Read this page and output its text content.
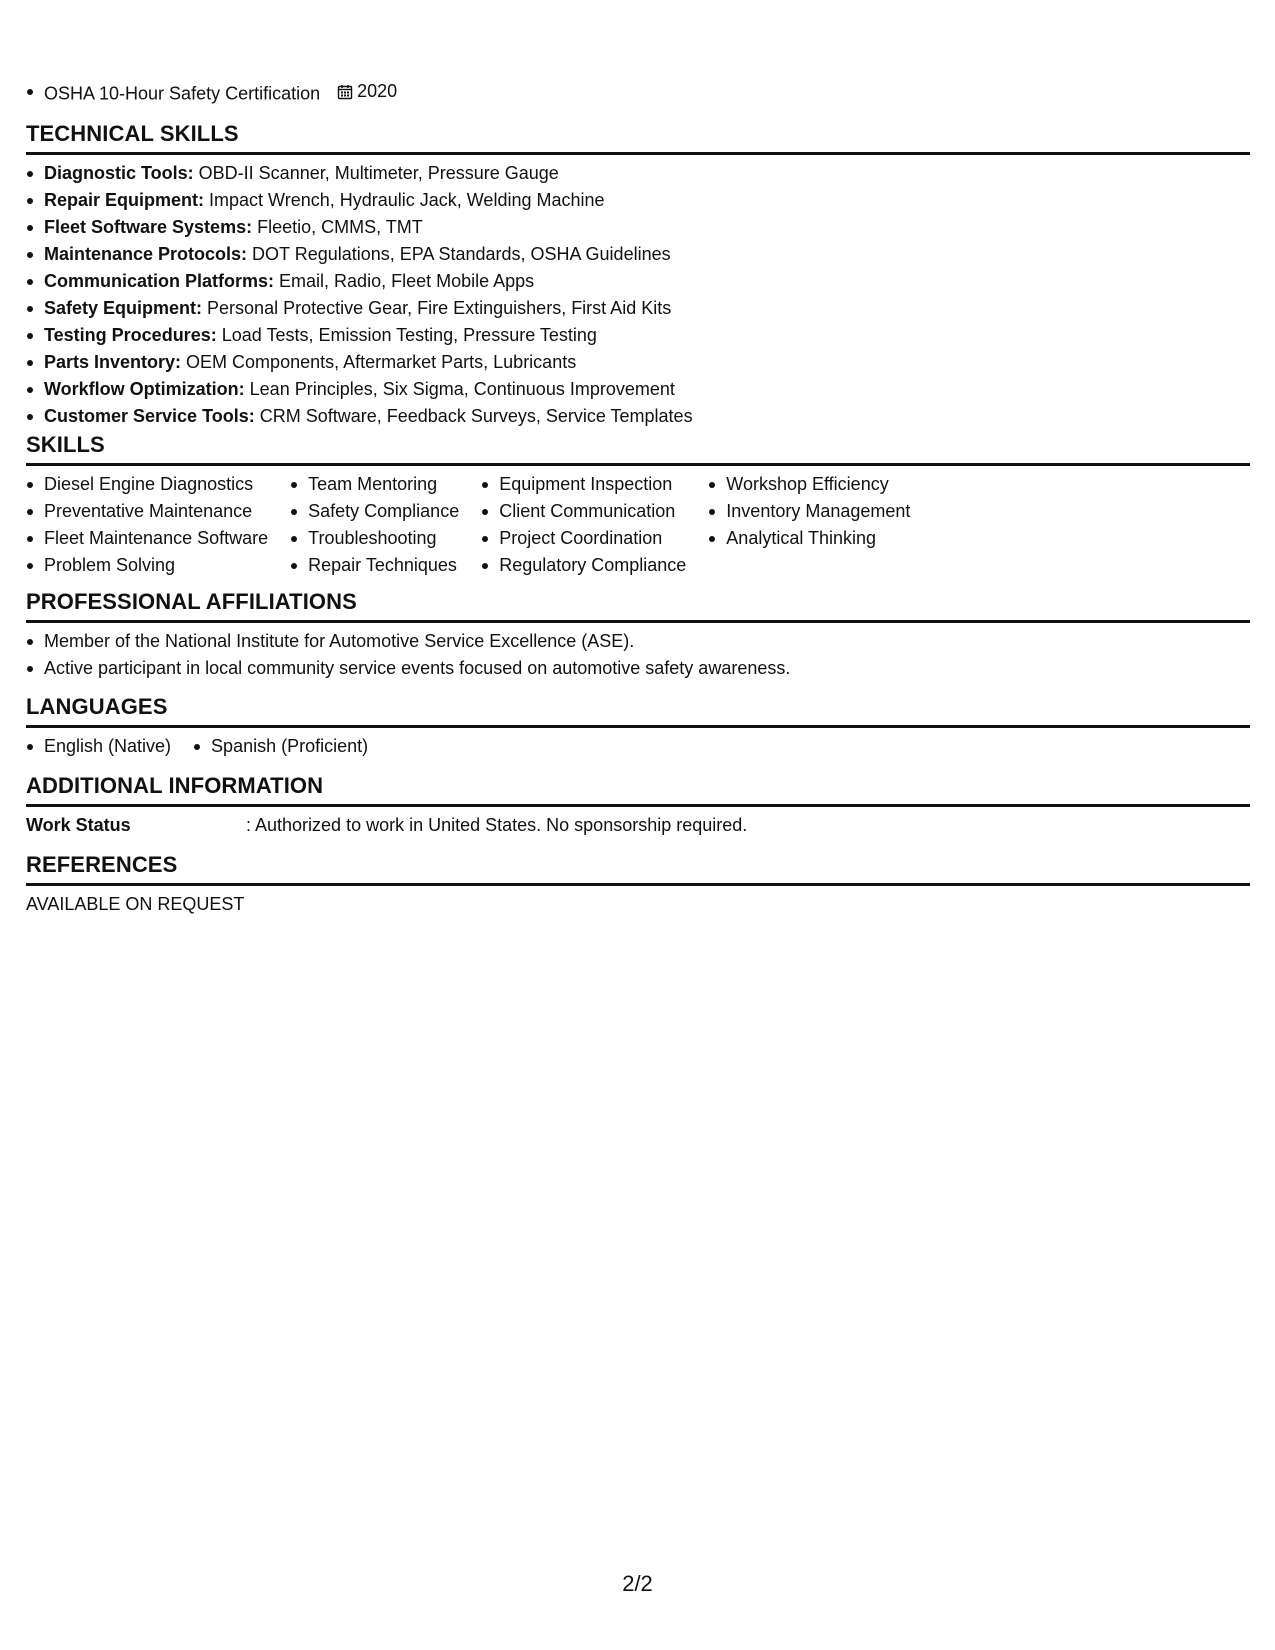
OSHA 10-Hour Safety Certification 2020
TECHNICAL SKILLS
Diagnostic Tools: OBD-II Scanner, Multimeter, Pressure Gauge
Repair Equipment: Impact Wrench, Hydraulic Jack, Welding Machine
Fleet Software Systems: Fleetio, CMMS, TMT
Maintenance Protocols: DOT Regulations, EPA Standards, OSHA Guidelines
Communication Platforms: Email, Radio, Fleet Mobile Apps
Safety Equipment: Personal Protective Gear, Fire Extinguishers, First Aid Kits
Testing Procedures: Load Tests, Emission Testing, Pressure Testing
Parts Inventory: OEM Components, Aftermarket Parts, Lubricants
Workflow Optimization: Lean Principles, Six Sigma, Continuous Improvement
Customer Service Tools: CRM Software, Feedback Surveys, Service Templates
SKILLS
Diesel Engine Diagnostics
Preventative Maintenance
Fleet Maintenance Software
Problem Solving
Team Mentoring
Safety Compliance
Troubleshooting
Repair Techniques
Equipment Inspection
Client Communication
Project Coordination
Regulatory Compliance
Workshop Efficiency
Inventory Management
Analytical Thinking
PROFESSIONAL AFFILIATIONS
Member of the National Institute for Automotive Service Excellence (ASE).
Active participant in local community service events focused on automotive safety awareness.
LANGUAGES
English (Native)	Spanish (Proficient)
ADDITIONAL INFORMATION
Work Status	: Authorized to work in United States. No sponsorship required.
REFERENCES
AVAILABLE ON REQUEST
2/2
